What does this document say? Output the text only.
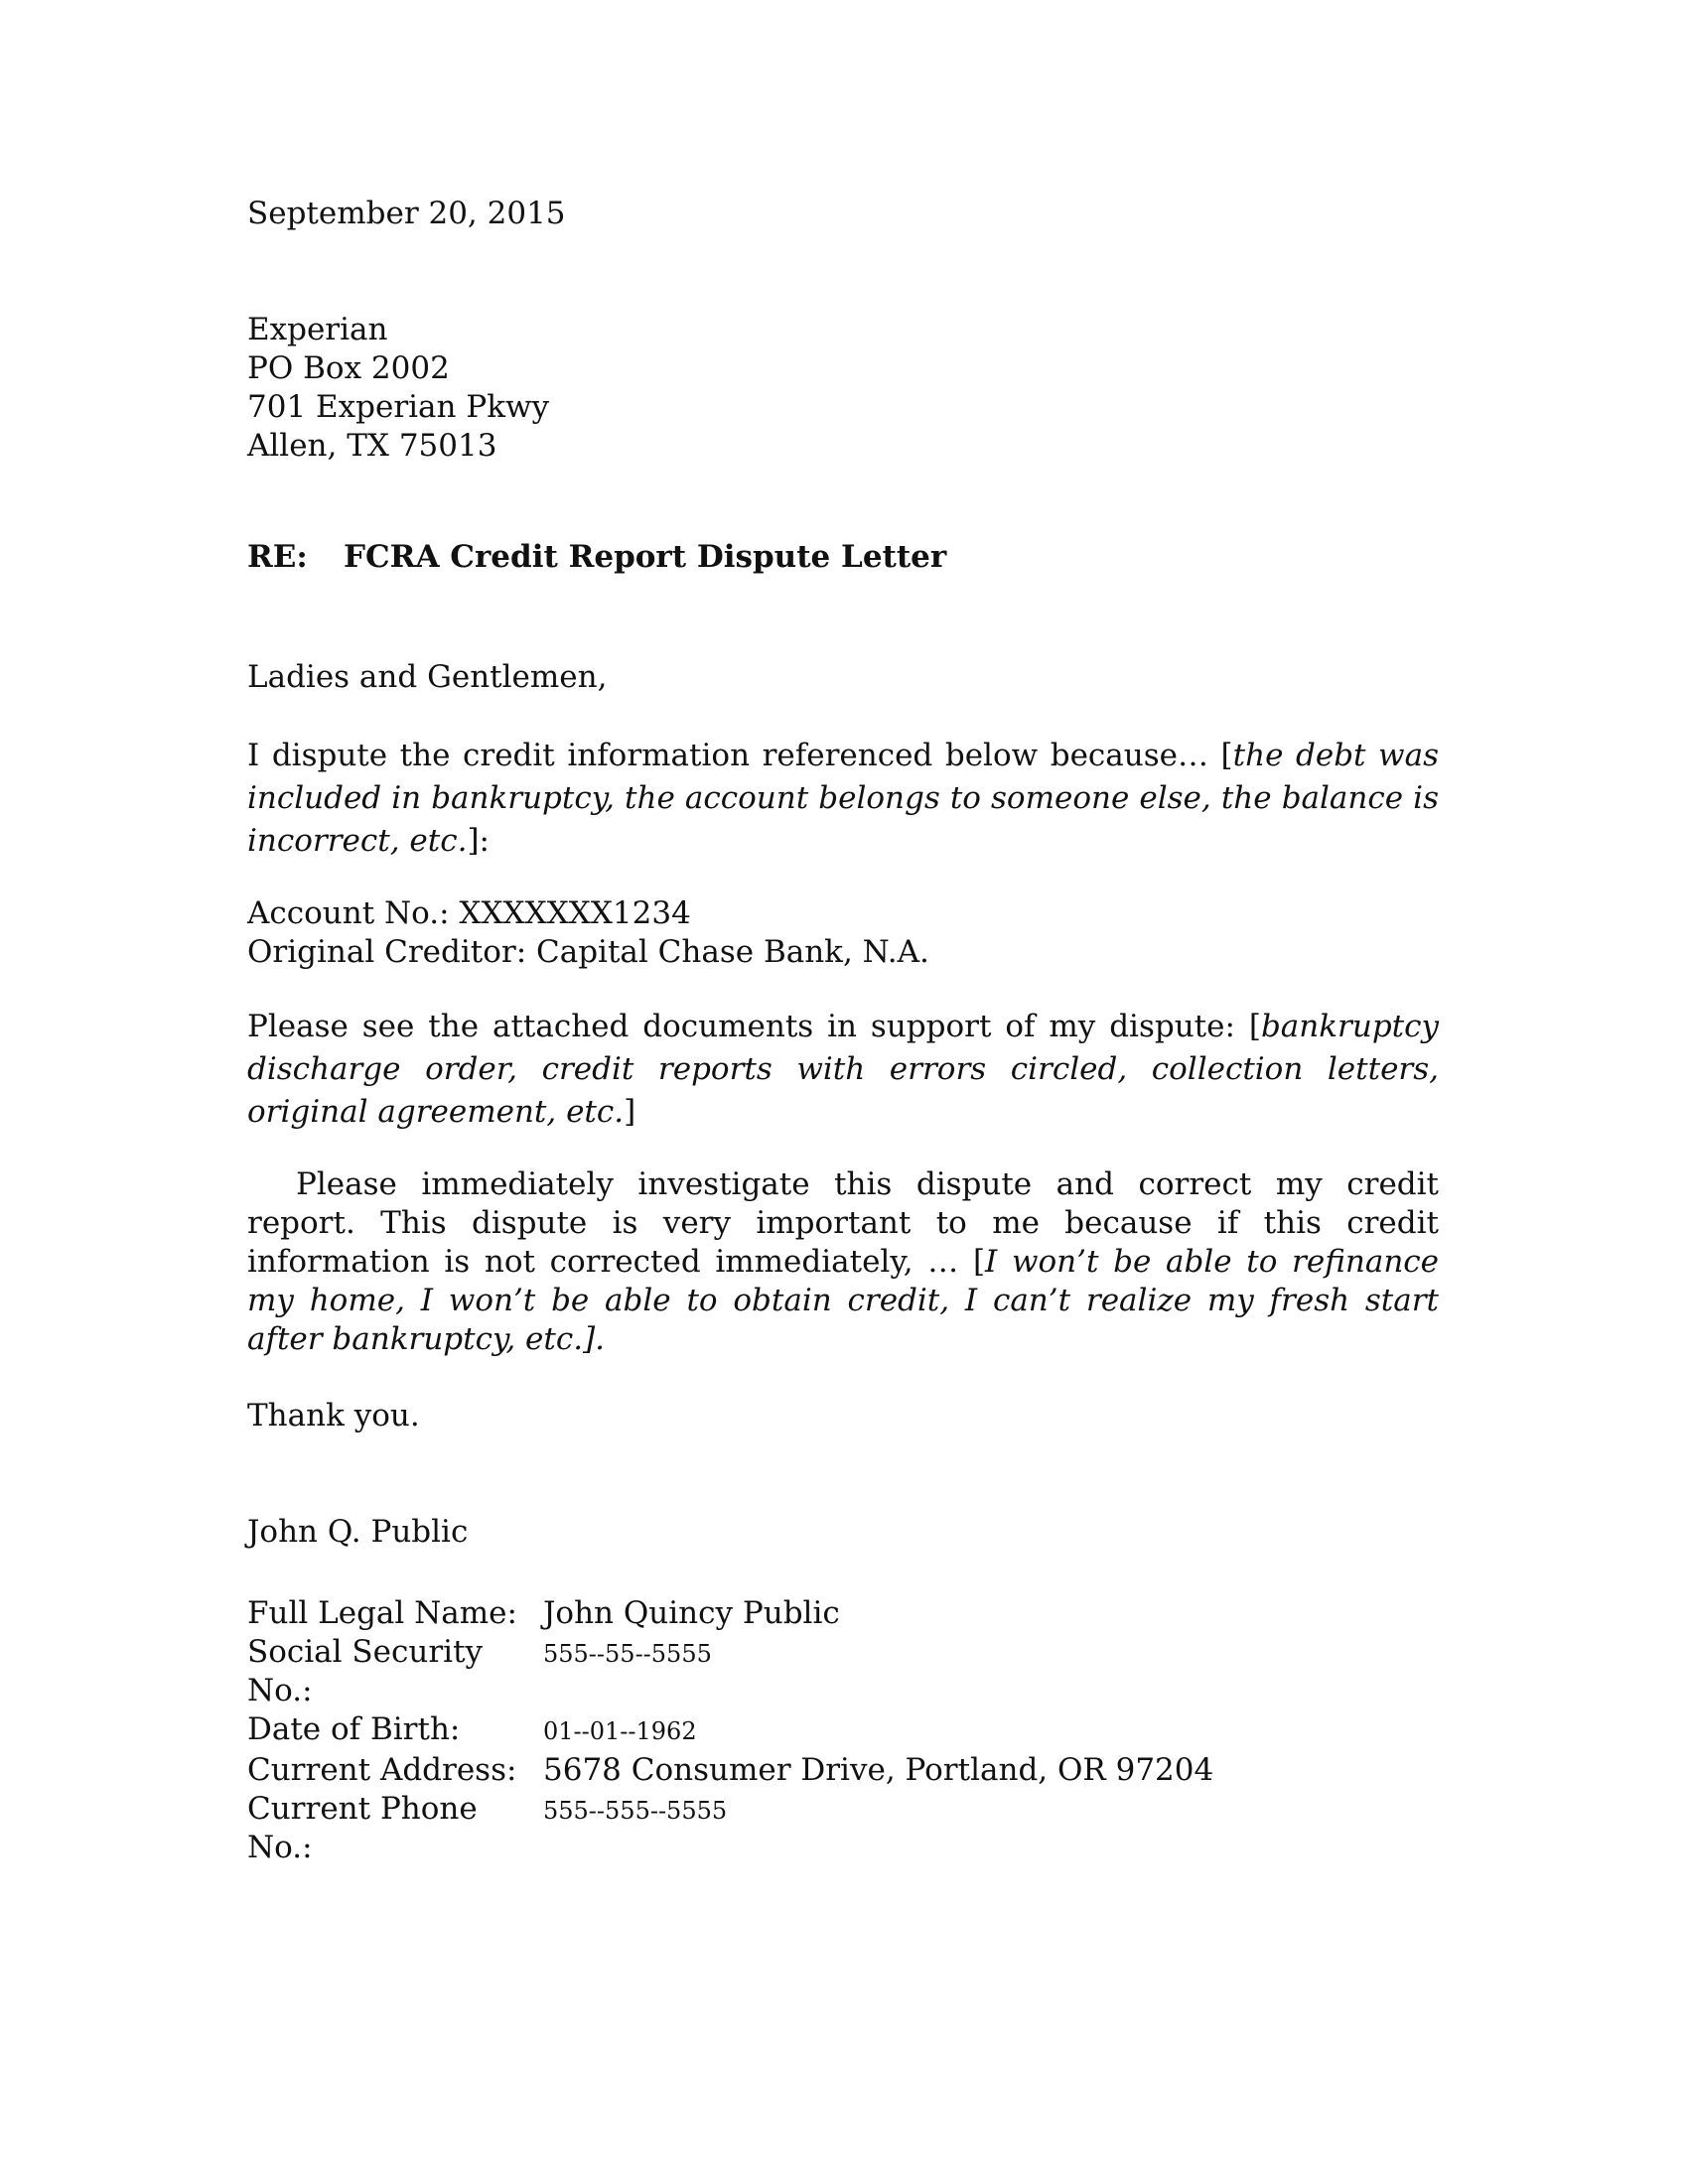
September 20, 2015

Experian
PO Box 2002
701 Experian Pkwy
Allen, TX 75013
RE:	FCRA Credit Report Dispute Letter

Ladies and Gentlemen,

I dispute the credit information referenced below because… [the debt was included in bankruptcy, the account belongs to someone else, the balance is incorrect, etc.]:

Account No.: XXXXXXX1234
Original Creditor: Capital Chase Bank, N.A.

Please see the attached documents in support of my dispute: [bankruptcy discharge order, credit reports with errors circled, collection letters, original agreement, etc.]

Please immediately investigate this dispute and correct my credit report. This dispute is very important to me because if this credit information is not corrected immediately, … [I won’t be able to refinance my home, I won’t be able to obtain credit, I can’t realize my fresh start after bankruptcy, etc.].

Thank you.

John Q. Public

Full Legal Name:	John Quincy Public
Social Security No.:	555--55--5555
Date of Birth:	01--01--1962
Current Address:	5678 Consumer Drive, Portland, OR 97204
Current Phone No.:	555--555--5555
